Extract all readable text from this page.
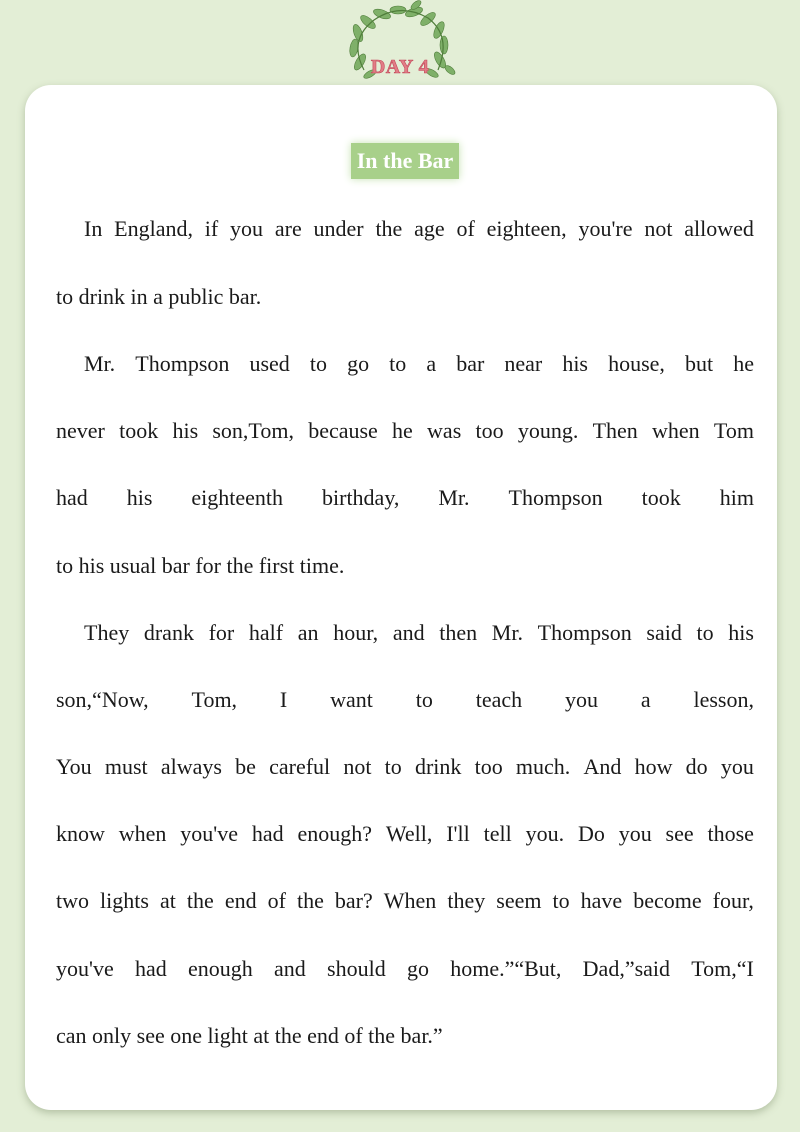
DAY 4
In the Bar
In England, if you are under the age of eighteen, you're not allowed
to drink in a public bar.
Mr. Thompson used to go to a bar near his house, but he
never took his son,Tom, because he was too young. Then when Tom
had his eighteenth birthday, Mr. Thompson took him
to his usual bar for the first time.
They drank for half an hour, and then Mr. Thompson said to his
son,“Now, Tom, I want to teach you a lesson,
You must always be careful not to drink too much. And how do you
know when you've had enough? Well, I'll tell you. Do you see those
two lights at the end of the bar? When they seem to have become four,
you've had enough and should go home.”“But, Dad,”said Tom,“I
can only see one light at the end of the bar.”
